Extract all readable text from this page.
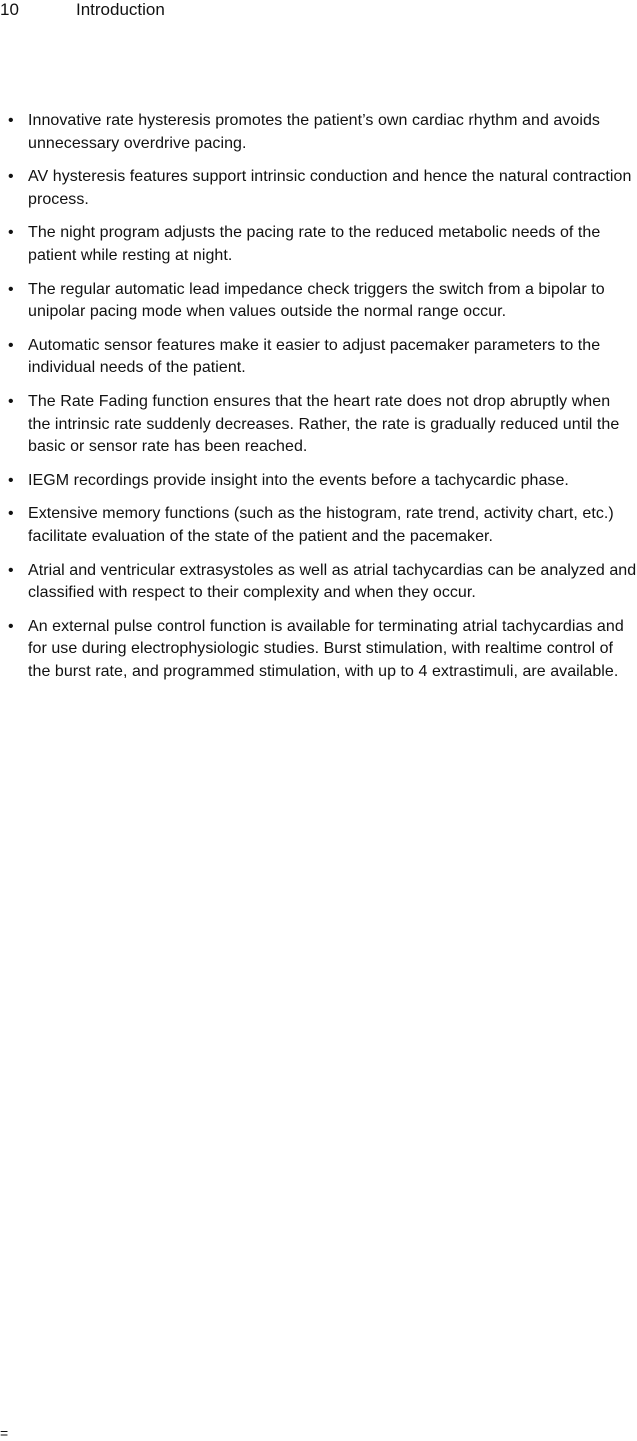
10	Introduction
• Innovative rate hysteresis promotes the patient’s own cardiac rhythm and avoids unnecessary overdrive pacing.
• AV hysteresis features support intrinsic conduction and hence the natural contraction process.
• The night program adjusts the pacing rate to the reduced metabolic needs of the patient while resting at night.
• The regular automatic lead impedance check triggers the switch from a bipolar to unipolar pacing mode when values outside the normal range occur.
• Automatic sensor features make it easier to adjust pacemaker parameters to the individual needs of the patient.
• The Rate Fading function ensures that the heart rate does not drop abruptly when the intrinsic rate suddenly decreases. Rather, the rate is gradually reduced until the basic or sensor rate has been reached.
• IEGM recordings provide insight into the events before a tachycardic phase.
• Extensive memory functions (such as the histogram, rate trend, activity chart, etc.) facilitate evaluation of the state of the patient and the pacemaker.
• Atrial and ventricular extrasystoles as well as atrial tachycardias can be analyzed and classified with respect to their complexity and when they occur.
• An external pulse control function is available for terminating atrial tachycardias and for use during electrophysiologic studies. Burst stimulation, with realtime control of the burst rate, and programmed stimulation, with up to 4 extrastimuli, are available.
=
